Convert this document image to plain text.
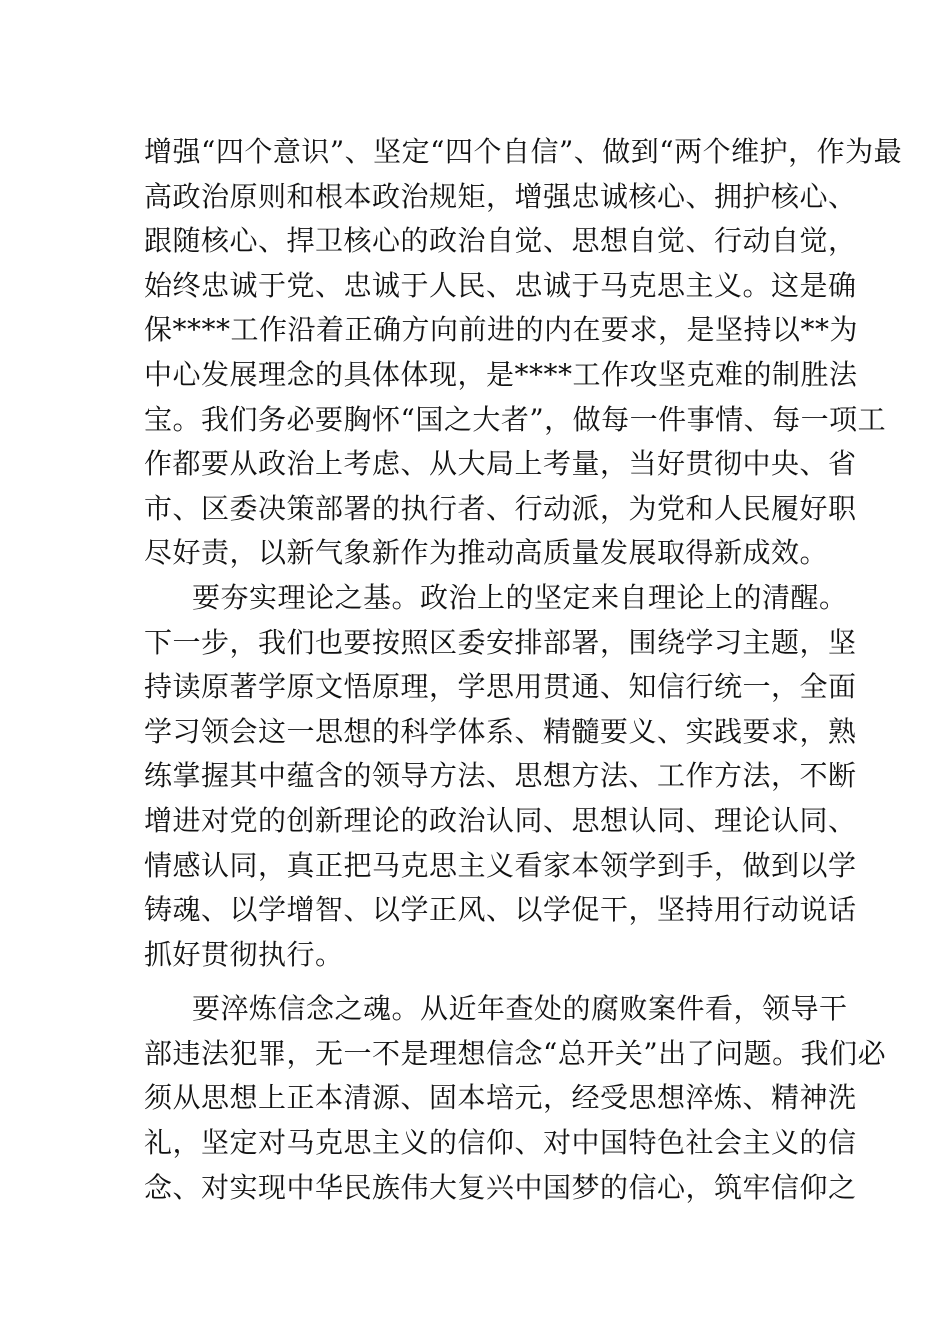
增强“四个意识”、坚定“四个自信”、做到“两个维护，作为最
高政治原则和根本政治规矩，增强忠诚核心、拥护核心、
跟随核心、捍卫核心的政治自觉、思想自觉、行动自觉，
始终忠诚于党、忠诚于人民、忠诚于马克思主义。这是确
保****工作沿着正确方向前进的内在要求，是坚持以**为
中心发展理念的具体体现，是****工作攻坚克难的制胜法
宝。我们务必要胸怀“国之大者”，做每一件事情、每一项工
作都要从政治上考虑、从大局上考量，当好贯彻中央、省
市、区委决策部署的执行者、行动派，为党和人民履好职
尽好责，以新气象新作为推动高质量发展取得新成效。
要夯实理论之基。政治上的坚定来自理论上的清醒。
下一步，我们也要按照区委安排部署，围绕学习主题，坚
持读原著学原文悟原理，学思用贯通、知信行统一，全面
学习领会这一思想的科学体系、精髓要义、实践要求，熟
练掌握其中蕴含的领导方法、思想方法、工作方法，不断
增进对党的创新理论的政治认同、思想认同、理论认同、
情感认同，真正把马克思主义看家本领学到手，做到以学
铸魂、以学增智、以学正风、以学促干，坚持用行动说话
抓好贯彻执行。
要淬炼信念之魂。从近年查处的腐败案件看，领导干
部违法犯罪，无一不是理想信念“总开关”出了问题。我们必
须从思想上正本清源、固本培元，经受思想淬炼、精神洗
礼，坚定对马克思主义的信仰、对中国特色社会主义的信
念、对实现中华民族伟大复兴中国梦的信心，筑牢信仰之
